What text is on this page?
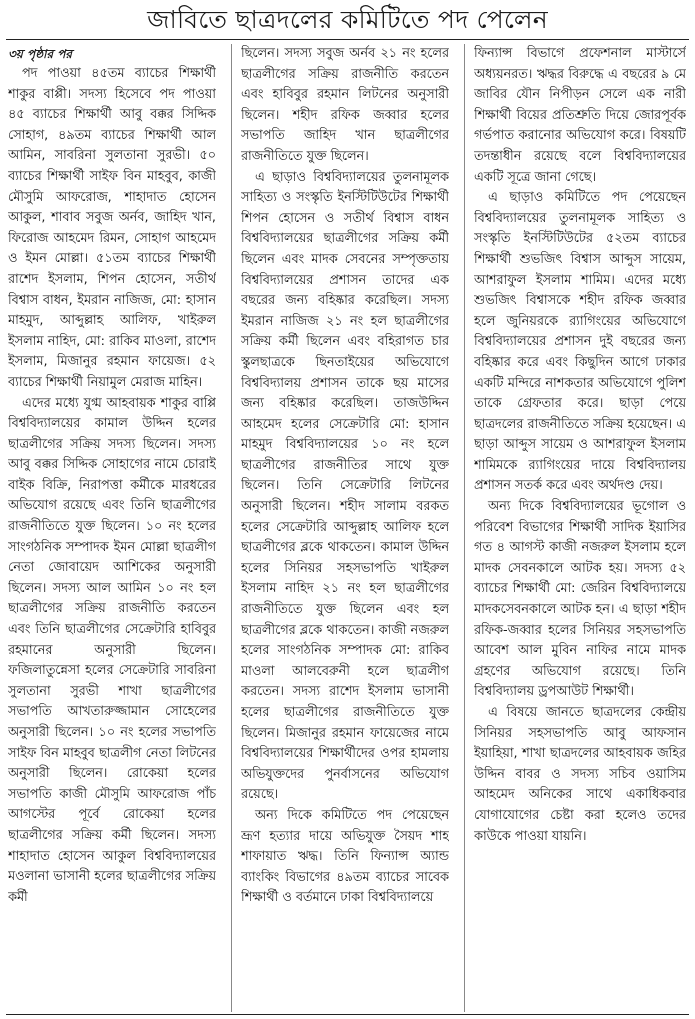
জাবিতে ছাত্রদলের কমিটিতে পদ পেলেন
৩য় পৃষ্ঠার পর

পদ পাওয়া ৪৫তম ব্যাচের শিক্ষার্থী শাকুর বাপ্পী। সদস্য হিসেবে পদ পাওয়া ৪৫ ব্যাচের শিক্ষার্থী আবু বক্কর সিদ্দিক সোহাগ, ৪৯তম ব্যাচের শিক্ষার্থী আল আমিন, সাবরিনা সুলতানা সুরভী। ৫০ ব্যাচের শিক্ষার্থী সাইফ বিন মাহবুব, কাজী মৌসুমি আফরোজ, শাহাদাত হোসেন আকুল, শাবাব সবুজ অর্নব, জাহিদ খান, ফিরোজ আহমেদ রিমন, সোহাগ আহমেদ ও ইমন মোল্লা। ৫১তম ব্যাচের শিক্ষার্থী রাশেদ ইসলাম, শিপন হোসেন, সতীর্থ বিশ্বাস বাধন, ইমরান নাজিজ, মো: হাসান মাহমুদ, আব্দুল্লাহ আলিফ, খাইরুল ইসলাম নাহিদ, মো: রাকিব মাওলা, রাশেদ ইসলাম, মিজানুর রহমান ফায়েজ। ৫২ ব্যাচের শিক্ষার্থী নিয়ামুল মেরাজ মাহিন।

এদের মধ্যে যুগ্ম আহবায়ক শাকুর বাপ্পি বিশ্ববিদ্যালয়ের কামাল উদ্দিন হলের ছাত্রলীগের সক্রিয় সদস্য ছিলেন। সদস্য আবু বক্কর সিদ্দিক সোহাগের নামে চোরাই বাইক বিক্রি, নিরাপত্তা কর্মীকে মারধরের অভিযোগ রয়েছে এবং তিনি ছাত্রলীগের রাজনীতিতে যুক্ত ছিলেন। ১০ নং হলের সাংগঠনিক সম্পাদক ইমন মোল্লা ছাত্রলীগ নেতা জোবায়েদ আশিকের অনুসারী ছিলেন। সদস্য আল আমিন ১০ নং হল ছাত্রলীগের সক্রিয় রাজনীতি করতেন এবং তিনি ছাত্রলীগের সেক্রেটারি হাবিবুর রহমানের অনুসারী ছিলেন। ফজিলাতুন্নেসা হলের সেক্রেটারি সাবরিনা সুলতানা সুরভী শাখা ছাত্রলীগের সভাপতি আখতারুজ্জামান সোহেলের অনুসারী ছিলেন। ১০ নং হলের সভাপতি সাইফ বিন মাহবুব ছাত্রলীগ নেতা লিটনের অনুসারী ছিলেন। রোকেয়া হলের সভাপতি কাজী মৌসুমি আফরোজ পাঁচ আগস্টের পূর্বে রোকেয়া হলের ছাত্রলীগের সক্রিয় কর্মী ছিলেন। সদস্য শাহাদাত হোসেন আকুল বিশ্ববিদ্যালয়ের মওলানা ভাসানী হলের ছাত্রলীগের সক্রিয় কর্মী

ছিলেন। সদস্য সবুজ অর্নব ২১ নং হলের ছাত্রলীগের সক্রিয় রাজনীতি করতেন এবং হাবিবুর রহমান লিটনের অনুসারী ছিলেন। শহীদ রফিক জব্বার হলের সভাপতি জাহিদ খান ছাত্রলীগের রাজনীতিতে যুক্ত ছিলেন।

এ ছাড়াও বিশ্ববিদ্যালয়ের তুলনামূলক সাহিত্য ও সংস্কৃতি ইনস্টিটিউটের শিক্ষার্থী শিপন হোসেন ও সতীর্থ বিশ্বাস বাধন বিশ্ববিদ্যালয়ের ছাত্রলীগের সক্রিয় কর্মী ছিলেন এবং মাদক সেবনের সম্পৃক্ততায় বিশ্ববিদ্যালয়ের প্রশাসন তাদের এক বছরের জন্য বহিষ্কার করেছিল। সদস্য ইমরান নাজিজ ২১ নং হল ছাত্রলীগের সক্রিয় কর্মী ছিলেন এবং বহিরাগত চার স্কুলছাত্রকে ছিনতাইয়ের অভিযোগে বিশ্ববিদ্যালয় প্রশাসন তাকে ছয় মাসের জন্য বহিষ্কার করেছিল। তাজউদ্দিন আহমেদ হলের সেক্রেটারি মো: হাসান মাহমুদ বিশ্ববিদ্যালয়ের ১০ নং হলে ছাত্রলীগের রাজনীতির সাথে যুক্ত ছিলেন। তিনি সেক্রেটারি লিটনের অনুসারী ছিলেন। শহীদ সালাম বরকত হলের সেক্রেটারি আব্দুল্লাহ আলিফ হলে ছাত্রলীগের ব্লকে থাকতেন। কামাল উদ্দিন হলের সিনিয়র সহসভাপতি খাইরুল ইসলাম নাহিদ ২১ নং হল ছাত্রলীগের রাজনীতিতে যুক্ত ছিলেন এবং হল ছাত্রলীগের ব্লকে থাকতেন। কাজী নজরুল হলের সাংগঠনিক সম্পাদক মো: রাকিব মাওলা আলবেরুনী হলে ছাত্রলীগ করতেন। সদস্য রাশেদ ইসলাম ভাসানী হলের ছাত্রলীগের রাজনীতিতে যুক্ত ছিলেন। মিজানুর রহমান ফায়েজের নামে বিশ্ববিদ্যালয়ের শিক্ষার্থীদের ওপর হামলায় অভিযুক্তদের পুনর্বাসনের অভিযোগ রয়েছে।

অন্য দিকে কমিটিতে পদ পেয়েছেন ভ্রূণ হত্যার দায়ে অভিযুক্ত সৈয়দ শাহ শাফায়াত ঋদ্ধ। তিনি ফিন্যান্স অ্যান্ড ব্যাংকিং বিভাগের ৪৯তম ব্যাচের সাবেক শিক্ষার্থী ও বর্তমানে ঢাকা বিশ্ববিদ্যালয়ে

ফিন্যান্স বিভাগে প্রফেশনাল মাস্টার্সে অধ্যয়নরত। ঋদ্ধর বিরুদ্ধে এ বছরের ৯ মে জাবির যৌন নিপীড়ন সেলে এক নারী শিক্ষার্থী বিয়ের প্রতিশ্রুতি দিয়ে জোরপূর্বক গর্ভপাত করানোর অভিযোগ করে। বিষয়টি তদন্তাধীন রয়েছে বলে বিশ্ববিদ্যালয়ের একটি সূত্রে জানা গেছে।

এ ছাড়াও কমিটিতে পদ পেয়েছেন বিশ্ববিদ্যালয়ের তুলনামূলক সাহিত্য ও সংস্কৃতি ইনস্টিটিউটের ৫২তম ব্যাচের শিক্ষার্থী শুভজিৎ বিশ্বাস আব্দুস সায়েম, আশরাফুল ইসলাম শামিম। এদের মধ্যে শুভজিৎ বিশ্বাসকে শহীদ রফিক জব্বার হলে জুনিয়রকে র‍্যাগিংয়ের অভিযোগে বিশ্ববিদ্যালয়ের প্রশাসন দুই বছরের জন্য বহিষ্কার করে এবং কিছুদিন আগে ঢাকার একটি মন্দিরে নাশকতার অভিযোগে পুলিশ তাকে গ্রেফতার করে। ছাড়া পেয়ে ছাত্রদলের রাজনীতিতে সক্রিয় হয়েছেন। এ ছাড়া আব্দুস সায়েম ও আশরাফুল ইসলাম শামিমকে র‍্যাগিংয়ের দায়ে বিশ্ববিদ্যালয় প্রশাসন সতর্ক করে এবং অর্থদণ্ড দেয়।

অন্য দিকে বিশ্ববিদ্যালয়ের ভূগোল ও পরিবেশ বিভাগের শিক্ষার্থী সাদিক ইয়াসির গত ৪ আগস্ট কাজী নজরুল ইসলাম হলে মাদক সেবনকালে আটক হয়। সদস্য ৫২ ব্যাচের শিক্ষার্থী মো: জেরিন বিশ্ববিদ্যালয়ে মাদকসেবনকালে আটক হন। এ ছাড়া শহীদ রফিক-জব্বার হলের সিনিয়র সহসভাপতি আবেশ আল মুবিন নাফির নামে মাদক গ্রহণের অভিযোগ রয়েছে। তিনি বিশ্ববিদ্যালয় ড্রপআউট শিক্ষার্থী।

এ বিষয়ে জানতে ছাত্রদলের কেন্দ্রীয় সিনিয়র সহসভাপতি আবু আফসান ইয়াহিয়া, শাখা ছাত্রদলের আহবায়ক জহির উদ্দিন বাবর ও সদস্য সচিব ওয়াসিম আহমেদ অনিকের সাথে একাধিকবার যোগাযোগের চেষ্টা করা হলেও তদের কাউকে পাওয়া যায়নি।
